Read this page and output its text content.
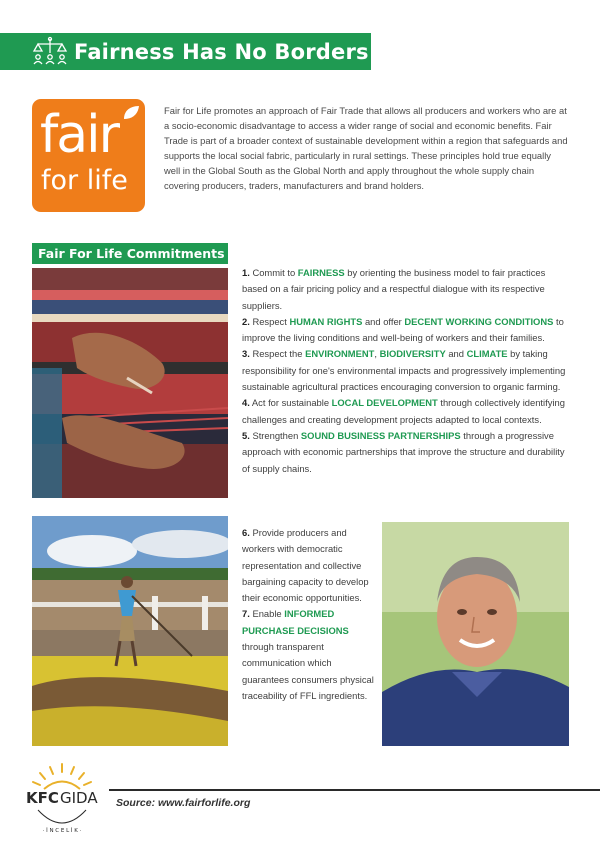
Fairness Has No Borders
fair
for life

Fair for Life promotes an approach of Fair Trade that allows all producers and workers who are at a socio-economic disadvantage to access a wider range of social and economic benefits. Fair Trade is part of a broader context of sustainable development within a region that safeguards and supports the local social fabric, particularly in rural settings. These principles hold true equally well in the Global South as the Global North and apply throughout the whole supply chain covering producers, traders, manufacturers and brand holders.

Fair For Life Commitments

1. Commit to FAIRNESS by orienting the business model to fair practices based on a fair pricing policy and a respectful dialogue with its respective suppliers.

2. Respect HUMAN RIGHTS and offer DECENT WORKING CONDITIONS to improve the living conditions and well-being of workers and their families.

3. Respect the ENVIRONMENT, BIODIVERSITY and CLIMATE by taking responsibility for one's environmental impacts and progressively implementing sustainable agricultural practices encouraging conversion to organic farming.

4. Act for sustainable LOCAL DEVELOPMENT through collectively identifying challenges and creating development projects adapted to local contexts.

5. Strengthen SOUND BUSINESS PARTNERSHIPS through a progressive approach with economic partnerships that improve the structure and durability of supply chains.

6. Provide producers and workers with democratic representation and collective bargaining capacity to develop their economic opportunities.

7. Enable INFORMED PURCHASE DECISIONS through transparent communication which guarantees consumers physical traceability of FFL ingredients.

KFC GIDA
· İ N C E L İ K ·
Source: www.fairforlife.org
